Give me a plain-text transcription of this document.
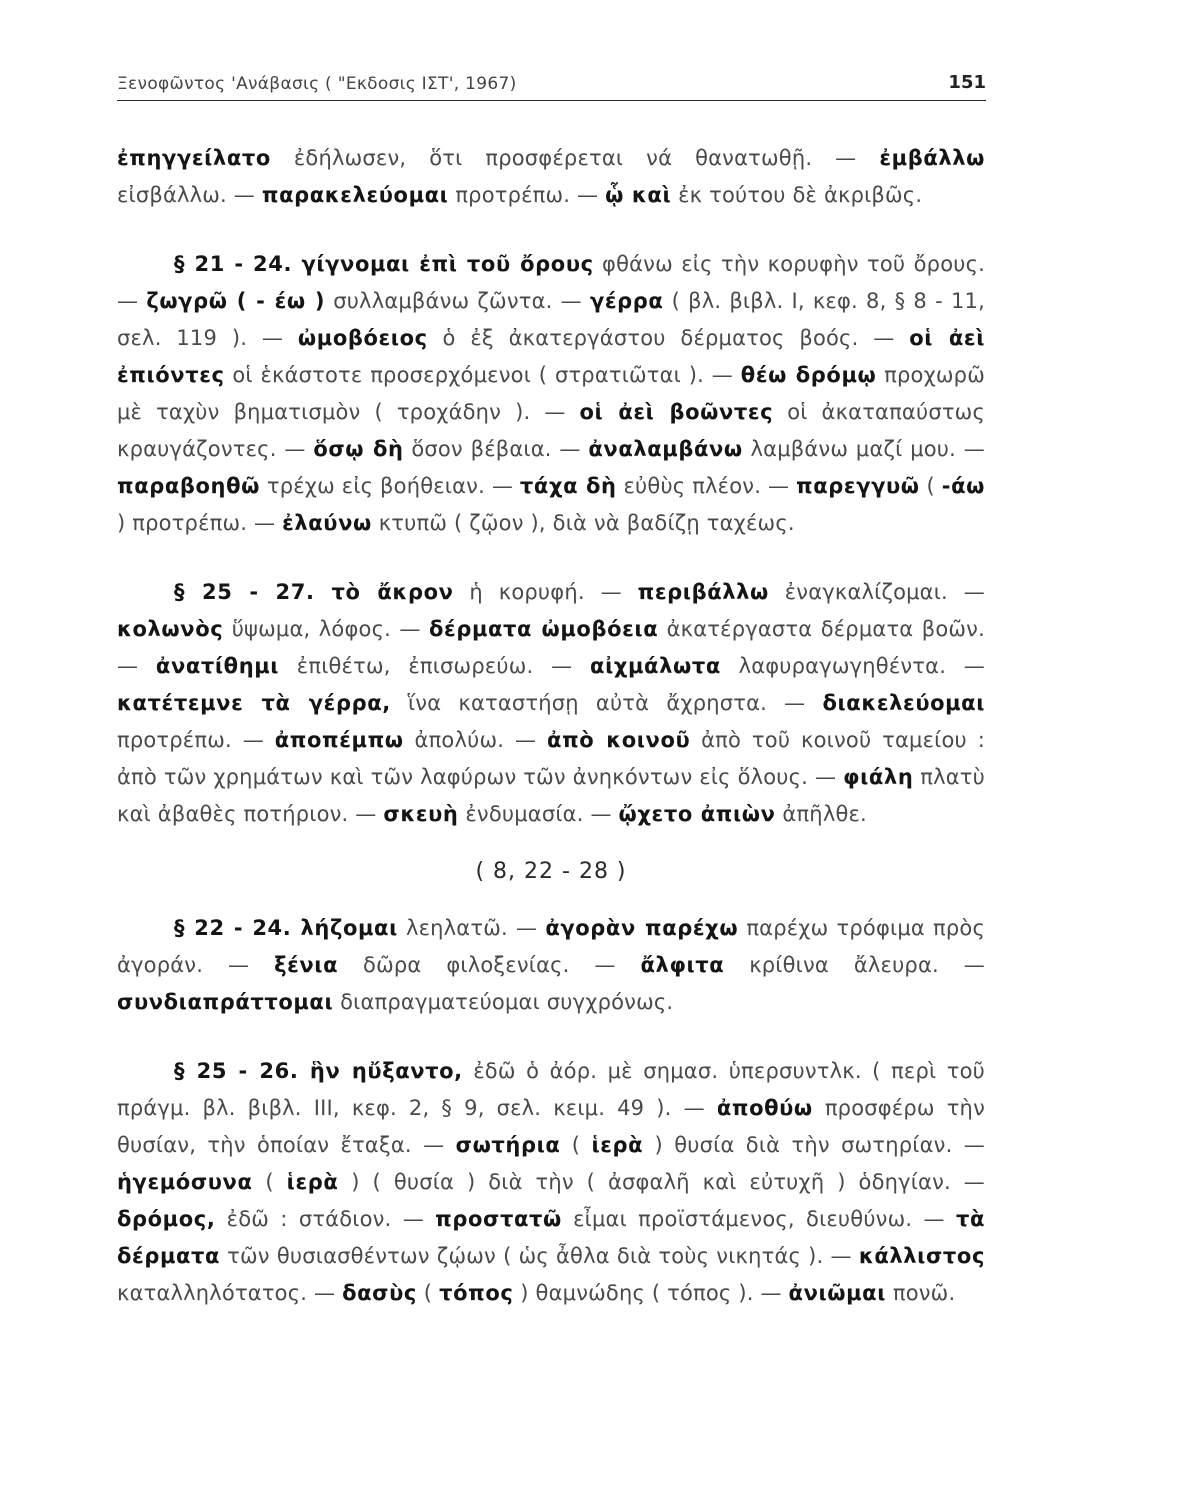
Ξενοφῶντος 'Ανάβασις ( "Εκδοσις ΙΣΤ', 1967)	151

ἐπηγγείλατο ἐδήλωσεν, ὅτι προσφέρεται νά θανατωθῇ. — ἐμβάλλω εἰσβάλλω. — παρακελεύομαι προτρέπω. — ᾧ καὶ ἐκ τούτου δὲ ἀκριβῶς.

§ 21 - 24. γίγνομαι ἐπὶ τοῦ ὄρους φθάνω εἰς τὴν κορυφὴν τοῦ ὄρους. — ζωγρῶ ( - έω ) συλλαμβάνω ζῶντα. — γέρρα ( βλ. βιβλ. Ι, κεφ. 8, § 8 - 11, σελ. 119 ). — ὠμοβόειος ὁ ἐξ ἀκατεργάστου δέρματος βοός. — οἱ ἀεὶ ἐπιόντες οἱ ἑκάστοτε προσερχόμενοι ( στρατιῶται ). — θέω δρόμῳ προχωρῶ μὲ ταχὺν βηματισμὸν ( τροχάδην ). — οἱ ἀεὶ βοῶντες οἱ ἀκαταπαύστως κραυγάζοντες. — ὅσῳ δὴ ὅσον βέβαια. — ἀναλαμβάνω λαμβάνω μαζί μου. — παραβοηθῶ τρέχω εἰς βοήθειαν. — τάχα δὴ εὐθὺς πλέον. — παρεγγυῶ ( -άω ) προτρέπω. — ἐλαύνω κτυπῶ ( ζῷον ), διὰ νὰ βαδίζῃ ταχέως.

§ 25 - 27. τὸ ἄκρον ἡ κορυφή. — περιβάλλω ἐναγκαλίζομαι. — κολωνὸς ὕψωμα, λόφος. — δέρματα ὠμοβόεια ἀκατέργαστα δέρματα βοῶν. — ἀνατίθημι ἐπιθέτω, ἐπισωρεύω. — αἰχμάλωτα λαφυραγωγηθέντα. — κατέτεμνε τὰ γέρρα, ἵνα καταστήσῃ αὐτὰ ἄχρηστα. — διακελεύομαι προτρέπω. — ἀποπέμπω ἀπολύω. — ἀπὸ κοινοῦ ἀπὸ τοῦ κοινοῦ ταμείου : ἀπὸ τῶν χρημάτων καὶ τῶν λαφύρων τῶν ἀνηκόντων εἰς ὅλους. — φιάλη πλατὺ καὶ ἀβαθὲς ποτήριον. — σκευὴ ἐνδυμασία. — ᾤχετο ἀπιὼν ἀπῆλθε.

( 8, 22 - 28 )

§ 22 - 24. λήζομαι λεηλατῶ. — ἀγορὰν παρέχω παρέχω τρόφιμα πρὸς ἀγοράν. — ξένια δῶρα φιλοξενίας. — ἄλφιτα κρίθινα ἄλευρα. — συνδιαπράττομαι διαπραγματεύομαι συγχρόνως.

§ 25 - 26. ἣν ηὔξαντο, ἐδῶ ὁ ἀόρ. μὲ σημασ. ὑπερσυντλκ. ( περὶ τοῦ πράγμ. βλ. βιβλ. ΙΙΙ, κεφ. 2, § 9, σελ. κειμ. 49 ). — ἀποθύω προσφέρω τὴν θυσίαν, τὴν ὁποίαν ἔταξα. — σωτήρια ( ἱερὰ ) θυσία διὰ τὴν σωτηρίαν. — ἡγεμόσυνα ( ἱερὰ ) ( θυσία ) διὰ τὴν ( ἀσφαλῆ καὶ εὐτυχῆ ) ὁδηγίαν. — δρόμος, ἐδῶ : στάδιον. — προστατῶ εἶμαι προϊστάμενος, διευθύνω. — τὰ δέρματα τῶν θυσιασθέντων ζῴων ( ὡς ἆθλα διὰ τοὺς νικητάς ). — κάλλιστος καταλληλότατος. — δασὺς ( τόπος ) θαμνώδης ( τόπος ). — ἀνιῶμαι πονῶ.
